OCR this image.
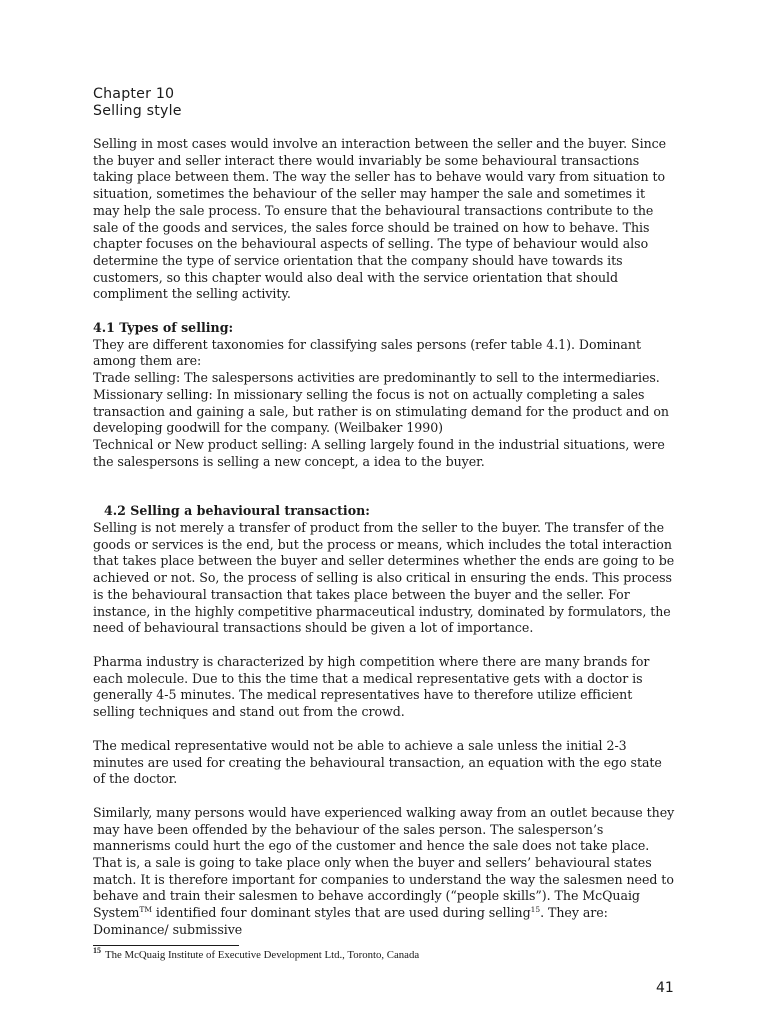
Chapter 10
Selling style

Selling in most cases would involve an interaction between the seller and the buyer. Since the buyer and seller interact there would invariably be some behavioural transactions taking place between them. The way the seller has to behave would vary from situation to situation, sometimes the behaviour of the seller may hamper the sale and sometimes it may help the sale process. To ensure that the behavioural transactions contribute to the sale of the goods and services, the sales force should be trained on how to behave. This chapter focuses on the behavioural aspects of selling. The type of behaviour would also determine the type of service orientation that the company should have towards its customers, so this chapter would also deal with the service orientation that should compliment the selling activity.

4.1 Types of selling:

They are different taxonomies for classifying sales persons (refer table 4.1). Dominant among them are:

Trade selling: The salespersons activities are predominantly to sell to the intermediaries.

Missionary selling: In missionary selling the focus is not on actually completing a sales transaction and gaining a sale, but rather is on stimulating demand for the product and on developing goodwill for the company. (Weilbaker 1990)

Technical or New product selling: A selling largely found in the industrial situations, were the salespersons is selling a new concept, a idea to the buyer.

4.2 Selling a behavioural transaction:

Selling is not merely a transfer of product from the seller to the buyer. The transfer of the goods or services is the end, but the process or means, which includes the total interaction that takes place between the buyer and seller determines whether the ends are going to be achieved or not. So, the process of selling is also critical in ensuring the ends. This process is the behavioural transaction that takes place between the buyer and the seller. For instance, in the highly competitive pharmaceutical industry, dominated by formulators, the need of behavioural transactions should be given a lot of importance.

Pharma industry is characterized by high competition where there are many brands for each molecule. Due to this the time that a medical representative gets with a doctor is generally 4-5 minutes. The medical representatives have to therefore utilize efficient selling techniques and stand out from the crowd.

The medical representative would not be able to achieve a sale unless the initial 2-3 minutes are used for creating the behavioural transaction, an equation with the ego state of the doctor.

Similarly, many persons would have experienced walking away from an outlet because they may have been offended by the behaviour of the sales person. The salesperson’s mannerisms could hurt the ego of the customer and hence the sale does not take place. That is, a sale is going to take place only when the buyer and sellers’ behavioural states match. It is therefore important for companies to understand the way the salesmen need to behave and train their salesmen to behave accordingly (“people skills”). The McQuaig System™ identified four dominant styles that are used during selling$^{15}$. They are:

Dominance/ submissive

$^{15}$ The McQuaig Institute of Executive Development Ltd., Toronto, Canada
41
